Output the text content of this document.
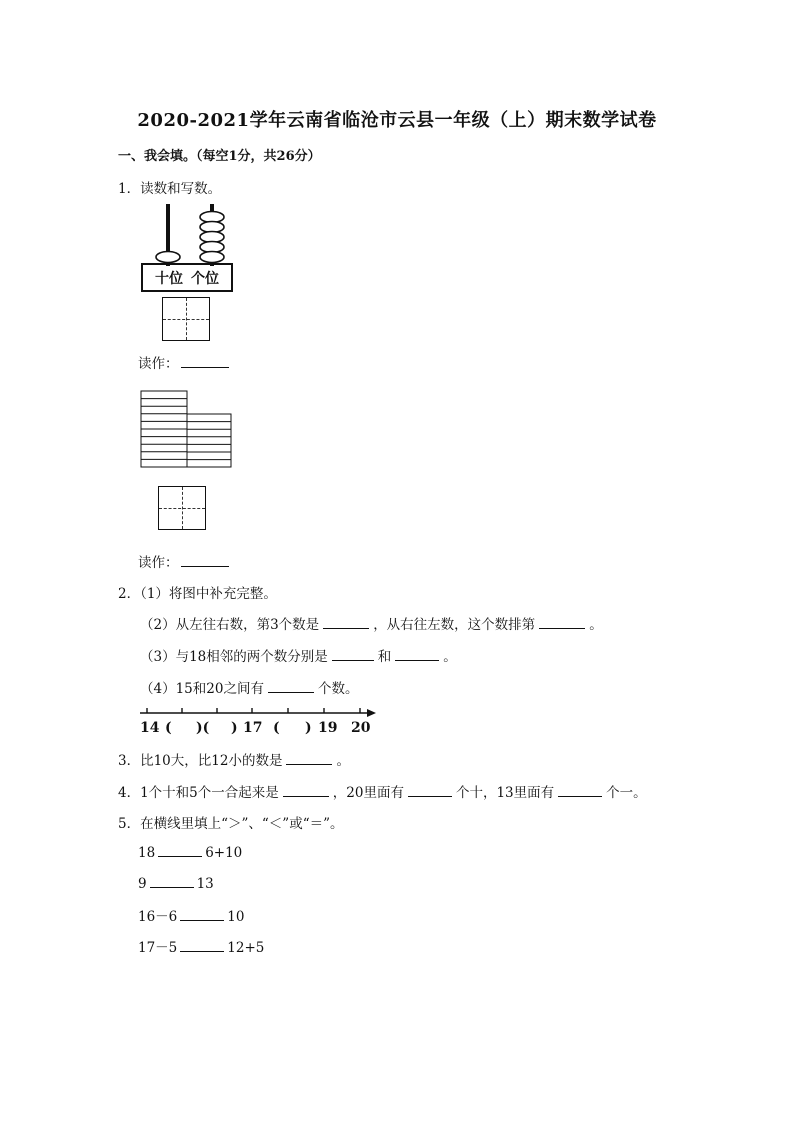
2020-2021学年云南省临沧市云县一年级（上）期末数学试卷
一、我会填。（每空1分，共26分）
1．读数和写数。
十位 个位
读作：
读作：
2．（1）将图中补充完整。
（2）从左往右数，第3个数是	，从右往左数，这个数排第	。
（3）与18相邻的两个数分别是	和	。
（4）15和20之间有	个数。
14 ( )( ) 17 ( ) 19 20
3．比10大，比12小的数是	。
4．1个十和5个一合起来是	，20里面有	个十，13里面有	个一。
5．在横线里填上“＞”、“＜”或“＝”。
18	6+10
9	13
16－6	10
17－5	12+5
